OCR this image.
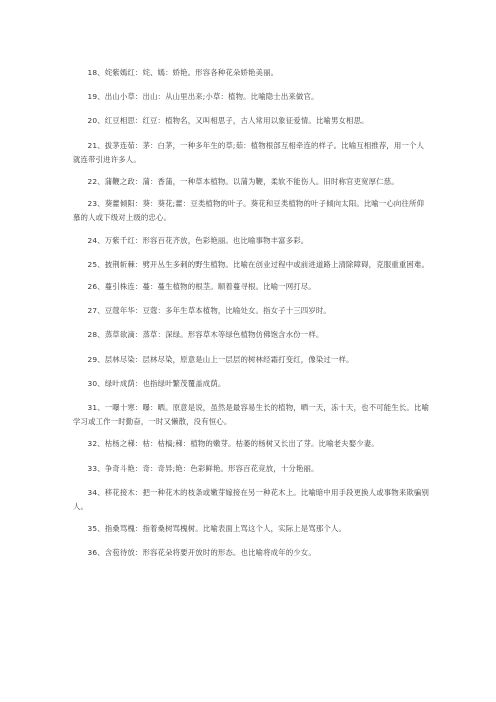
18、姹紫嫣红：姹、嫣：娇艳。形容各种花朵娇艳美丽。

19、出山小草：出山：从山里出来;小草：植物。比喻隐士出来做官。

20、红豆相思：红豆：植物名，又叫相思子，古人常用以象征爱情。比喻男女相思。

21、拔茅连茹：茅：白茅，一种多年生的草;茹：植物根部互相牵连的样子。比喻互相推荐，用一个人就连带引进许多人。

22、蒲鞭之政：蒲：香蒲，一种草本植物。以蒲为鞭，柔软不能伤人。旧时称官吏宽厚仁慈。

23、葵藿倾阳：葵：葵花;藿：豆类植物的叶子。葵花和豆类植物的叶子倾向太阳。比喻一心向往所仰慕的人或下级对上级的忠心。

24、万紫千红：形容百花齐放，色彩艳丽。也比喻事物丰富多彩。

25、披荆斩棘：劈开丛生多刺的野生植物。比喻在创业过程中或前进道路上清除障碍，克服重重困难。

26、蔓引株连：蔓：蔓生植物的根茎。顺着蔓寻根。比喻一网打尽。

27、豆蔻年华：豆蔻：多年生草本植物，比喻处女。指女子十三四岁时。

28、蒸草欲滴：蒸草：深绿。形容草木等绿色植物仿佛饱含水份一样。

29、层林尽染：层林尽染，原意是山上一层层的树林经霜打变红，像染过一样。

30、绿叶成荫：也指绿叶繁茂覆盖成荫。

31、一曝十寒：曝：晒。原意是说，虽然是最容易生长的植物，晒一天，冻十天，也不可能生长。比喻学习或工作一时勤奋，一时又懒散，没有恒心。

32、枯杨之稊：枯：枯槁;稊：植物的嫩芽。枯萎的杨树又长出了芽。比喻老夫娶少妻。

33、争奇斗艳：奇：奇异;艳：色彩鲜艳。形容百花竞放，十分艳丽。

34、移花接木：把一种花木的枝条或嫩芽嫁接在另一种花木上。比喻暗中用手段更换人或事物来欺骗别人。

35、指桑骂槐：指着桑树骂槐树。比喻表面上骂这个人，实际上是骂那个人。

36、含苞待放：形容花朵将要开放时的形态。也比喻将成年的少女。
